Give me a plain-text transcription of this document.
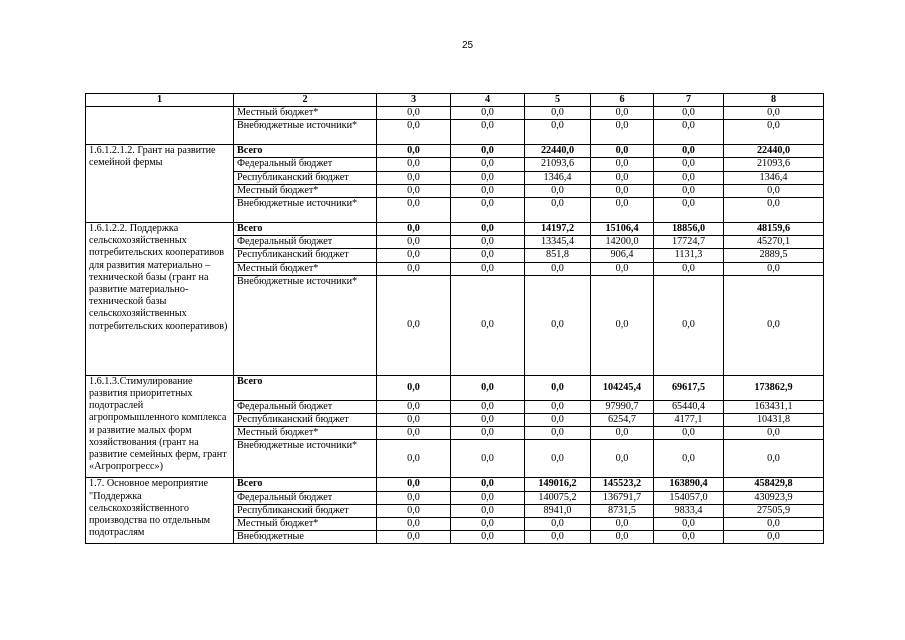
25
1	2	3	4	5	6	7	8
	Местный бюджет*	0,0	0,0	0,0	0,0	0,0	0,0
	Внебюджетные источники*	0,0	0,0	0,0	0,0	0,0	0,0
1.6.1.2.1.2. Грант на развитие семейной фермы	Всего	0,0	0,0	22440,0	0,0	0,0	22440,0
	Федеральный бюджет	0,0	0,0	21093,6	0,0	0,0	21093,6
	Республиканский бюджет	0,0	0,0	1346,4	0,0	0,0	1346,4
	Местный бюджет*	0,0	0,0	0,0	0,0	0,0	0,0
	Внебюджетные источники*	0,0	0,0	0,0	0,0	0,0	0,0
1.6.1.2.2. Поддержка сельскохозяйственных потребительских кооперативов для развития материально – технической базы (грант на развитие материально-технической базы сельскохозяйственных потребительских кооперативов)	Всего	0,0	0,0	14197,2	15106,4	18856,0	48159,6
	Федеральный бюджет	0,0	0,0	13345,4	14200,0	17724,7	45270,1
	Республиканский бюджет	0,0	0,0	851,8	906,4	1131,3	2889,5
	Местный бюджет*	0,0	0,0	0,0	0,0	0,0	0,0
	Внебюджетные источники*	0,0	0,0	0,0	0,0	0,0	0,0
1.6.1.3.Стимулирование развития приоритетных подотраслей агропромышленного комплекса и развитие малых форм хозяйствования (грант на развитие семейных ферм, грант «Агропрогресс»)	Всего	0,0	0,0	0,0	104245,4	69617,5	173862,9
	Федеральный бюджет	0,0	0,0	0,0	97990,7	65440,4	163431,1
	Республиканский бюджет	0,0	0,0	0,0	6254,7	4177,1	10431,8
	Местный бюджет*	0,0	0,0	0,0	0,0	0,0	0,0
	Внебюджетные источники*	0,0	0,0	0,0	0,0	0,0	0,0
1.7. Основное мероприятие "Поддержка сельскохозяйственного производства по отдельным подотраслям	Всего	0,0	0,0	149016,2	145523,2	163890,4	458429,8
	Федеральный бюджет	0,0	0,0	140075,2	136791,7	154057,0	430923,9
	Республиканский бюджет	0,0	0,0	8941,0	8731,5	9833,4	27505,9
	Местный бюджет*	0,0	0,0	0,0	0,0	0,0	0,0
	Внебюджетные	0,0	0,0	0,0	0,0	0,0	0,0
